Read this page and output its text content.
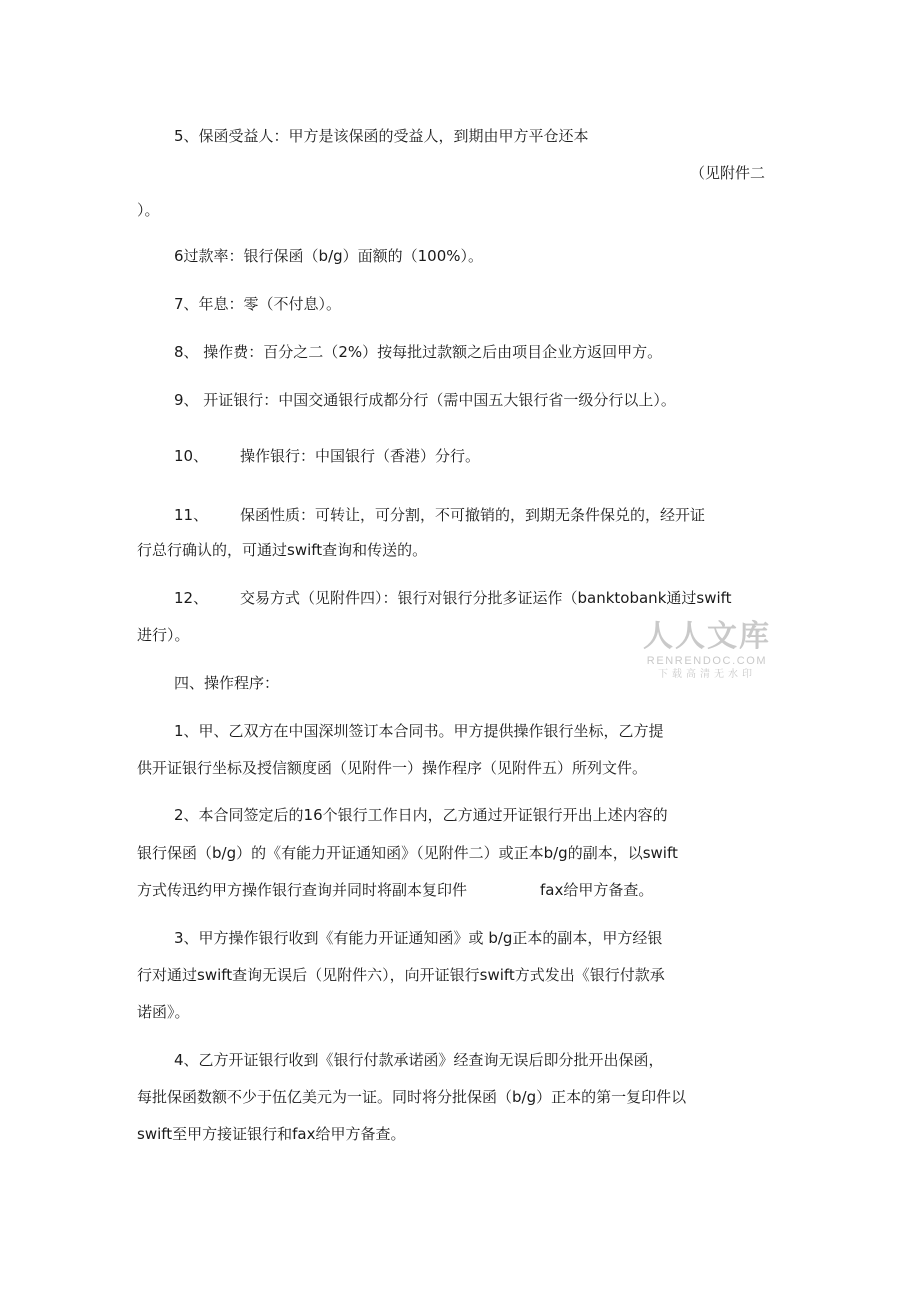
5、保函受益人：甲方是该保函的受益人，到期由甲方平仓还本
（见附件二
）。
6过款率：银行保函（b/g）面额的（100%）。
7、年息：零（不付息）。
8、 操作费：百分之二（2%）按每批过款额之后由项目企业方返回甲方。
9、 开证银行：中国交通银行成都分行（需中国五大银行省一级分行以上）。
10、 操作银行：中国银行（香港）分行。
11、 保函性质：可转让，可分割，不可撤销的，到期无条件保兑的，经开证
行总行确认的，可通过swift查询和传送的。
12、 交易方式（见附件四）：银行对银行分批多证运作（banktobank通过swift
进行）。
四、操作程序：
1、甲、乙双方在中国深圳签订本合同书。甲方提供操作银行坐标，乙方提
供开证银行坐标及授信额度函（见附件一）操作程序（见附件五）所列文件。
2、本合同签定后的16个银行工作日内，乙方通过开证银行开出上述内容的
银行保函（b/g）的《有能力开证通知函》（见附件二）或正本b/g的副本，以swift
方式传迅约甲方操作银行查询并同时将副本复印件	fax给甲方备查。
3、甲方操作银行收到《有能力开证通知函》或 b/g正本的副本，甲方经银
行对通过swift查询无误后（见附件六），向开证银行swift方式发出《银行付款承
诺函》。
4、乙方开证银行收到《银行付款承诺函》经查询无误后即分批开出保函，
每批保函数额不少于伍亿美元为一证。同时将分批保函（b/g）正本的第一复印件以
swift至甲方接证银行和fax给甲方备查。
人人文库
RENRENDOC.COM
下载高清无水印
